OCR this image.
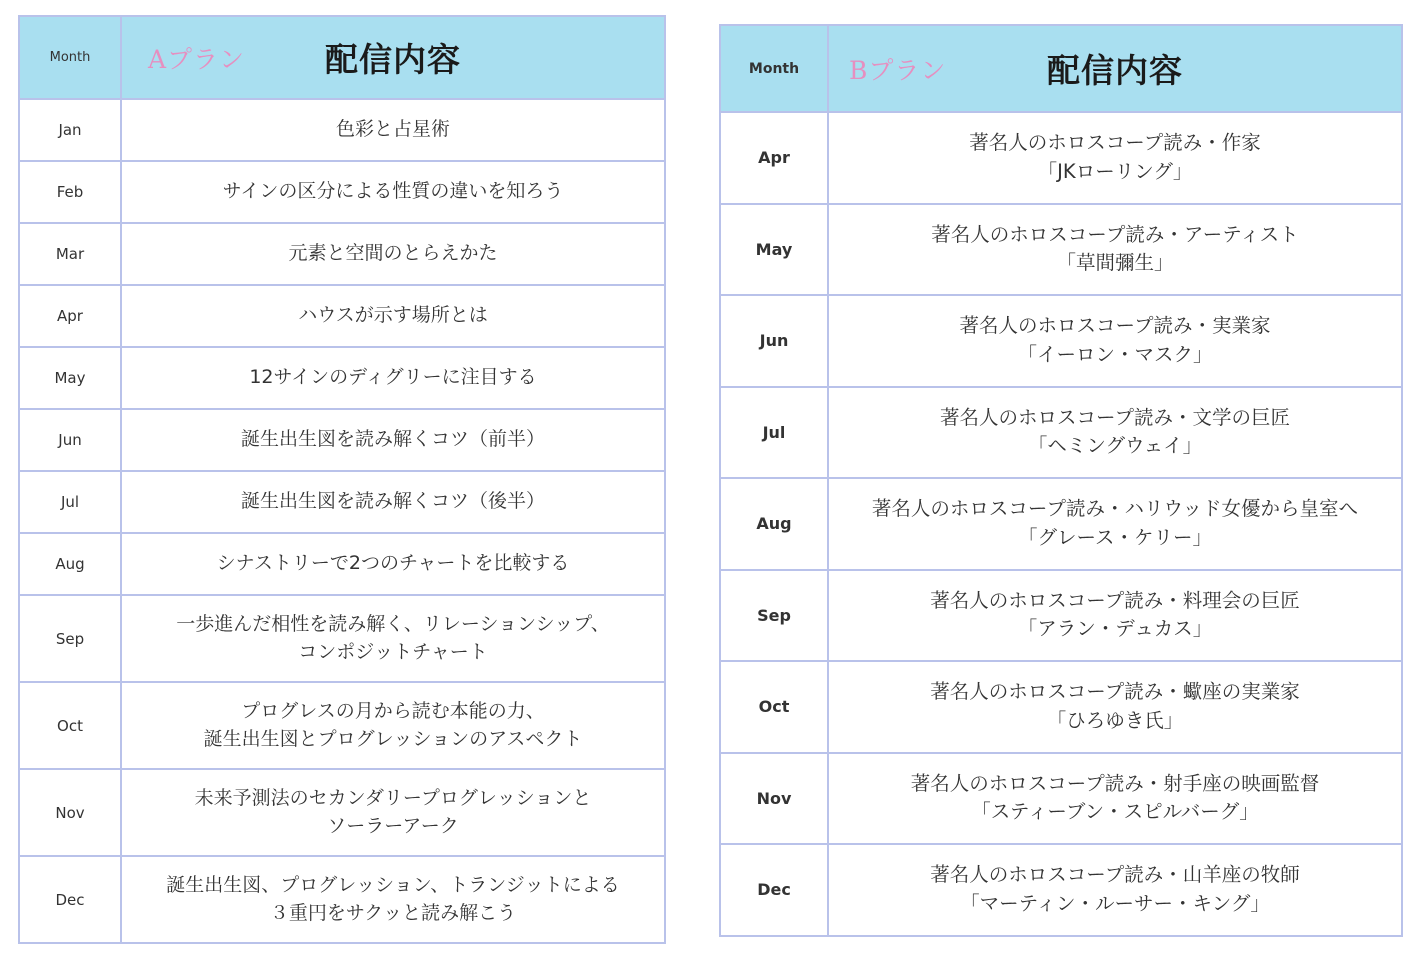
Month	Aプラン 配信内容
Jan	色彩と占星術

Feb	サインの区分による性質の違いを知ろう

Mar	元素と空間のとらえかた

Apr	ハウスが示す場所とは

May	12サインのディグリーに注目する

Jun	誕生出生図を読み解くコツ（前半）

Jul	誕生出生図を読み解くコツ（後半）

Aug	シナストリーで2つのチャートを比較する

Sep	一歩進んだ相性を読み解く、リレーションシップ、
コンポジットチャート

Oct	プログレスの月から読む本能の力、
誕生出生図とプログレッションのアスペクト

Nov	未来予測法のセカンダリープログレッションと
ソーラーアーク

Dec	誕生出生図、プログレッション、トランジットによる
３重円をサクッと読み解こう
Month	Bプラン 配信内容
Apr	著名人のホロスコープ読み・作家
「JKローリング」

May	著名人のホロスコープ読み・アーティスト
「草間彌生」

Jun	著名人のホロスコープ読み・実業家
「イーロン・マスク」

Jul	著名人のホロスコープ読み・文学の巨匠
「ヘミングウェイ」

Aug	著名人のホロスコープ読み・ハリウッド女優から皇室へ
「グレース・ケリー」

Sep	著名人のホロスコープ読み・料理会の巨匠
「アラン・デュカス」

Oct	著名人のホロスコープ読み・蠍座の実業家
「ひろゆき氏」

Nov	著名人のホロスコープ読み・射手座の映画監督
「スティーブン・スピルバーグ」

Dec	著名人のホロスコープ読み・山羊座の牧師
「マーティン・ルーサー・キング」
